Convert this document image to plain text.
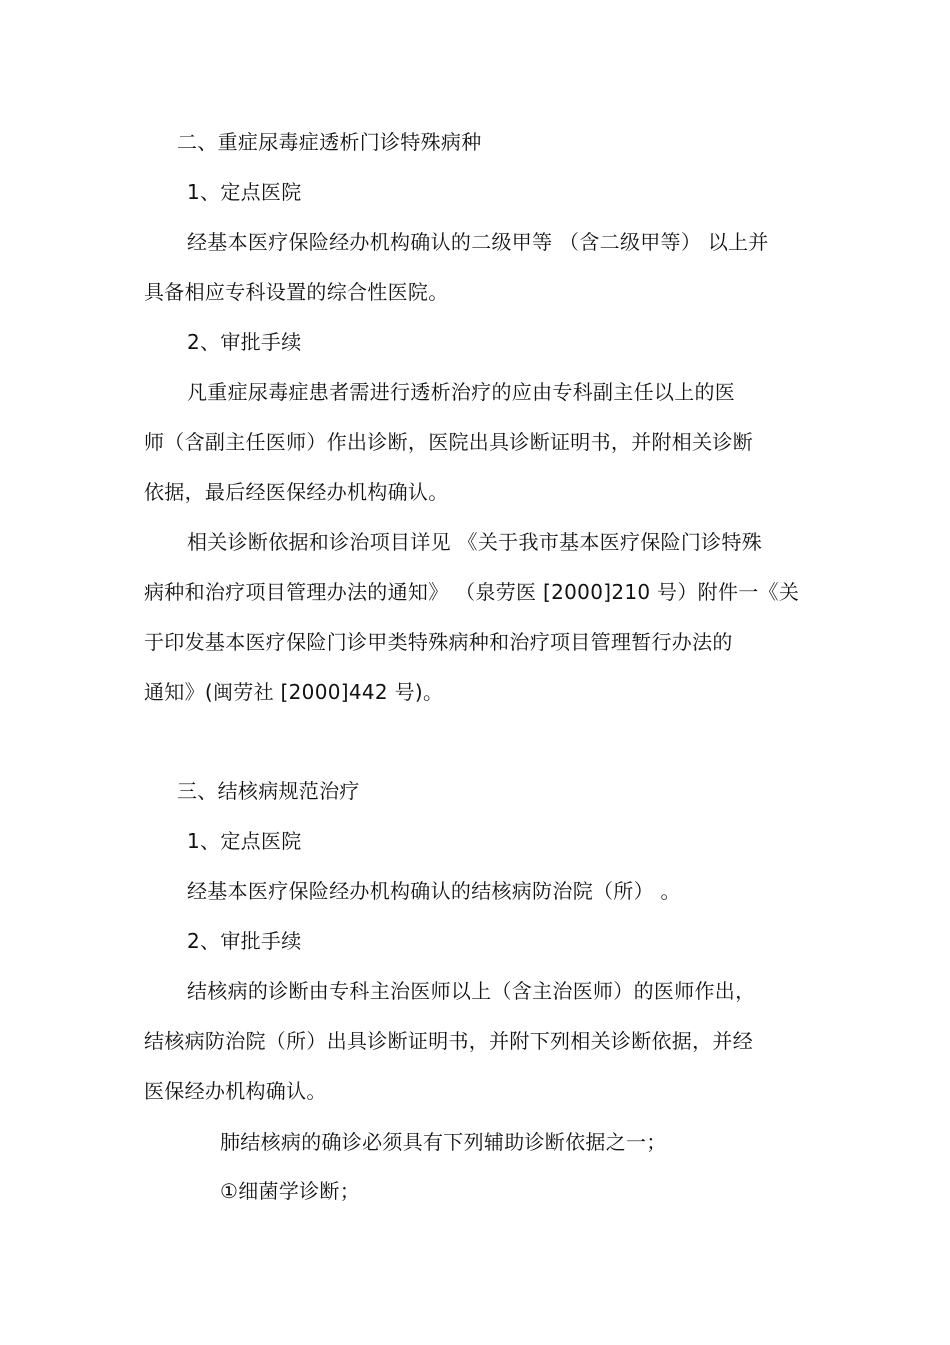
二、重症尿毒症透析门诊特殊病种
1、定点医院
经基本医疗保险经办机构确认的二级甲等 （含二级甲等） 以上并
具备相应专科设置的综合性医院。
2、审批手续
凡重症尿毒症患者需进行透析治疗的应由专科副主任以上的医
师（含副主任医师）作出诊断，医院出具诊断证明书，并附相关诊断
依据，最后经医保经办机构确认。
相关诊断依据和诊治项目详见 《关于我市基本医疗保险门诊特殊
病种和治疗项目管理办法的通知》 （泉劳医 [2000]210 号）附件一《关
于印发基本医疗保险门诊甲类特殊病种和治疗项目管理暂行办法的
通知》(闽劳社 [2000]442 号)。
三、结核病规范治疗
1、定点医院
经基本医疗保险经办机构确认的结核病防治院（所） 。
2、审批手续
结核病的诊断由专科主治医师以上（含主治医师）的医师作出，
结核病防治院（所）出具诊断证明书，并附下列相关诊断依据，并经
医保经办机构确认。
肺结核病的确诊必须具有下列辅助诊断依据之一；
①细菌学诊断；
